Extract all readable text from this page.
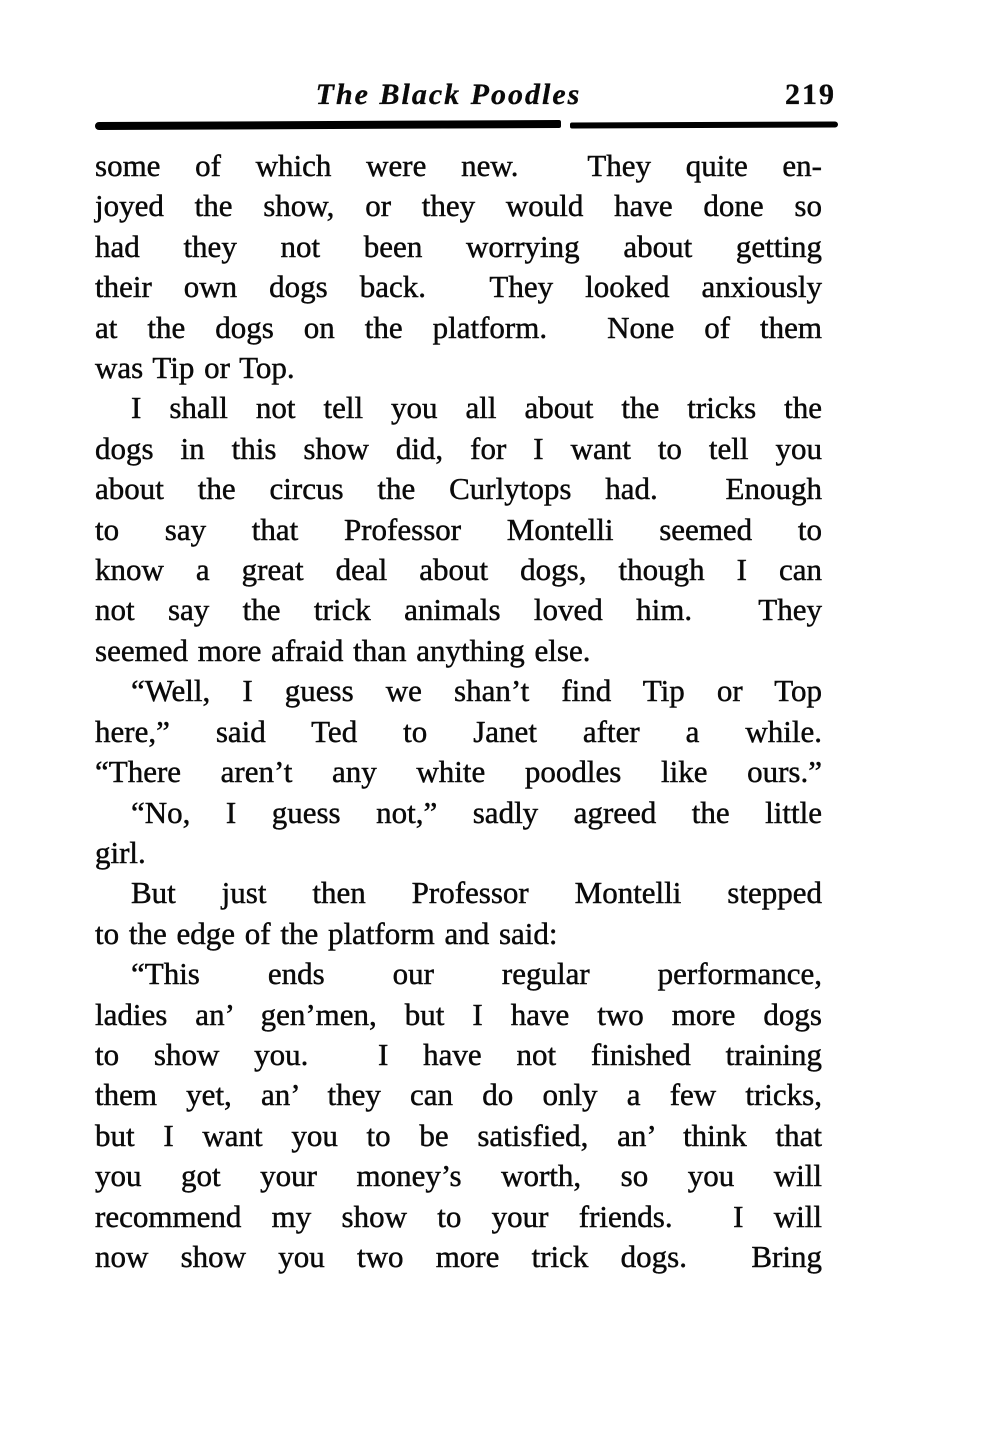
The Black Poodles	219
some of which were new.  They quite en-
joyed the show, or they would have done so
had they not been worrying about getting
their own dogs back.  They looked anxiously
at the dogs on the platform.  None of them
was Tip or Top.
I shall not tell you all about the tricks the
dogs in this show did, for I want to tell you
about the circus the Curlytops had.  Enough
to say that Professor Montelli seemed to
know a great deal about dogs, though I can
not say the trick animals loved him.  They
seemed more afraid than anything else.
“Well, I guess we shan’t find Tip or Top
here,” said Ted to Janet after a while.
“There aren’t any white poodles like ours.”
“No, I guess not,” sadly agreed the little
girl.
But just then Professor Montelli stepped
to the edge of the platform and said:
“This ends our regular performance,
ladies an’ gen’men, but I have two more dogs
to show you.  I have not finished training
them yet, an’ they can do only a few tricks,
but I want you to be satisfied, an’ think that
you got your money’s worth, so you will
recommend my show to your friends.  I will
now show you two more trick dogs.  Bring
